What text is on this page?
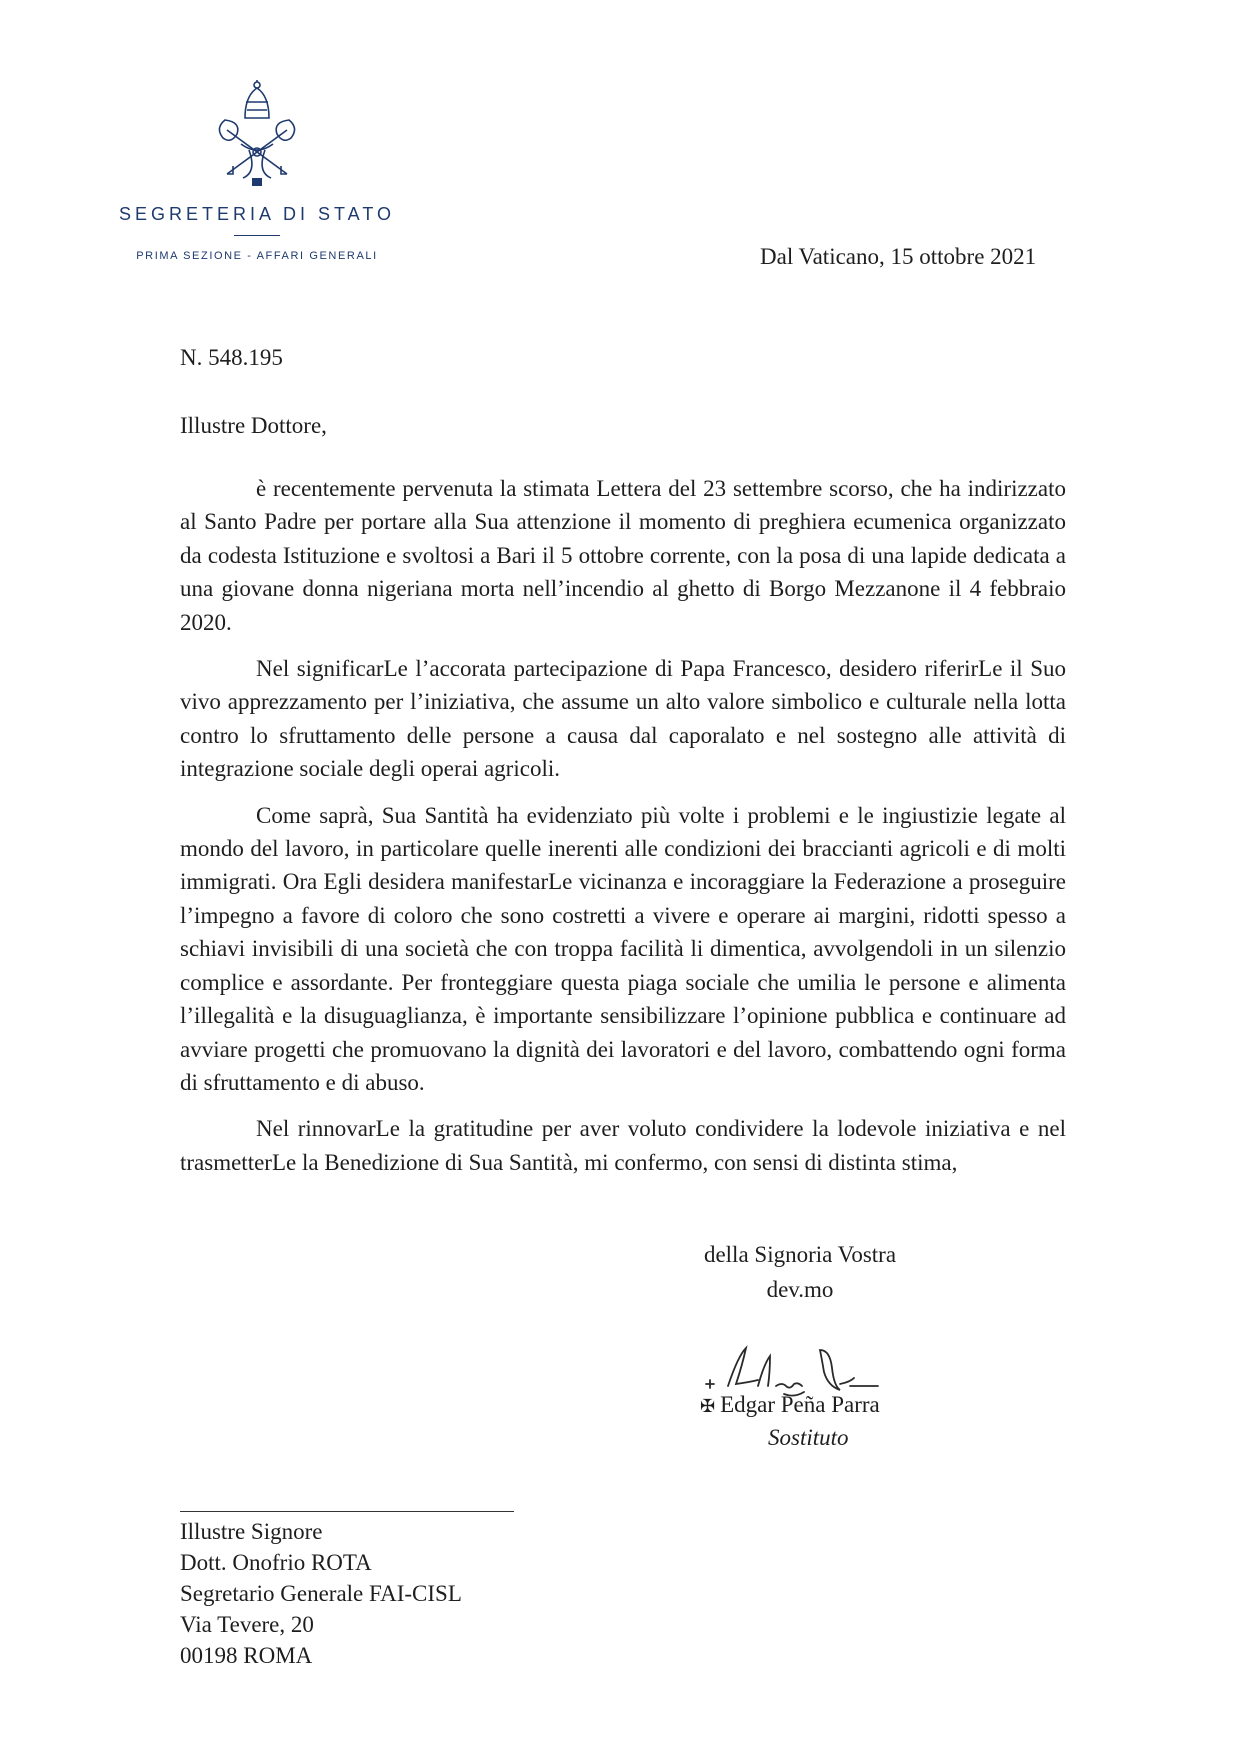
SEGRETERIA DI STATO
PRIMA SEZIONE - AFFARI GENERALI	Dal Vaticano, 15 ottobre 2021
N. 548.195
Illustre Dottore,

è recentemente pervenuta la stimata Lettera del 23 settembre scorso, che ha indirizzato al Santo Padre per portare alla Sua attenzione il momento di preghiera ecumenica organizzato da codesta Istituzione e svoltosi a Bari il 5 ottobre corrente, con la posa di una lapide dedicata a una giovane donna nigeriana morta nell’incendio al ghetto di Borgo Mezzanone il 4 febbraio 2020.

Nel significarLe l’accorata partecipazione di Papa Francesco, desidero riferirLe il Suo vivo apprezzamento per l’iniziativa, che assume un alto valore simbolico e culturale nella lotta contro lo sfruttamento delle persone a causa dal caporalato e nel sostegno alle attività di integrazione sociale degli operai agricoli.

Come saprà, Sua Santità ha evidenziato più volte i problemi e le ingiustizie legate al mondo del lavoro, in particolare quelle inerenti alle condizioni dei braccianti agricoli e di molti immigrati. Ora Egli desidera manifestarLe vicinanza e incoraggiare la Federazione a proseguire l’impegno a favore di coloro che sono costretti a vivere e operare ai margini, ridotti spesso a schiavi invisibili di una società che con troppa facilità li dimentica, avvolgendoli in un silenzio complice e assordante. Per fronteggiare questa piaga sociale che umilia le persone e alimenta l’illegalità e la disuguaglianza, è importante sensibilizzare l’opinione pubblica e continuare ad avviare progetti che promuovano la dignità dei lavoratori e del lavoro, combattendo ogni forma di sfruttamento e di abuso.

Nel rinnovarLe la gratitudine per aver voluto condividere la lodevole iniziativa e nel trasmetterLe la Benedizione di Sua Santità, mi confermo, con sensi di distinta stima,

della Signoria Vostra
dev.mo
✠ Edgar Peña Parra
Sostituto
Illustre Signore
Dott. Onofrio ROTA
Segretario Generale FAI-CISL
Via Tevere, 20
00198 ROMA
